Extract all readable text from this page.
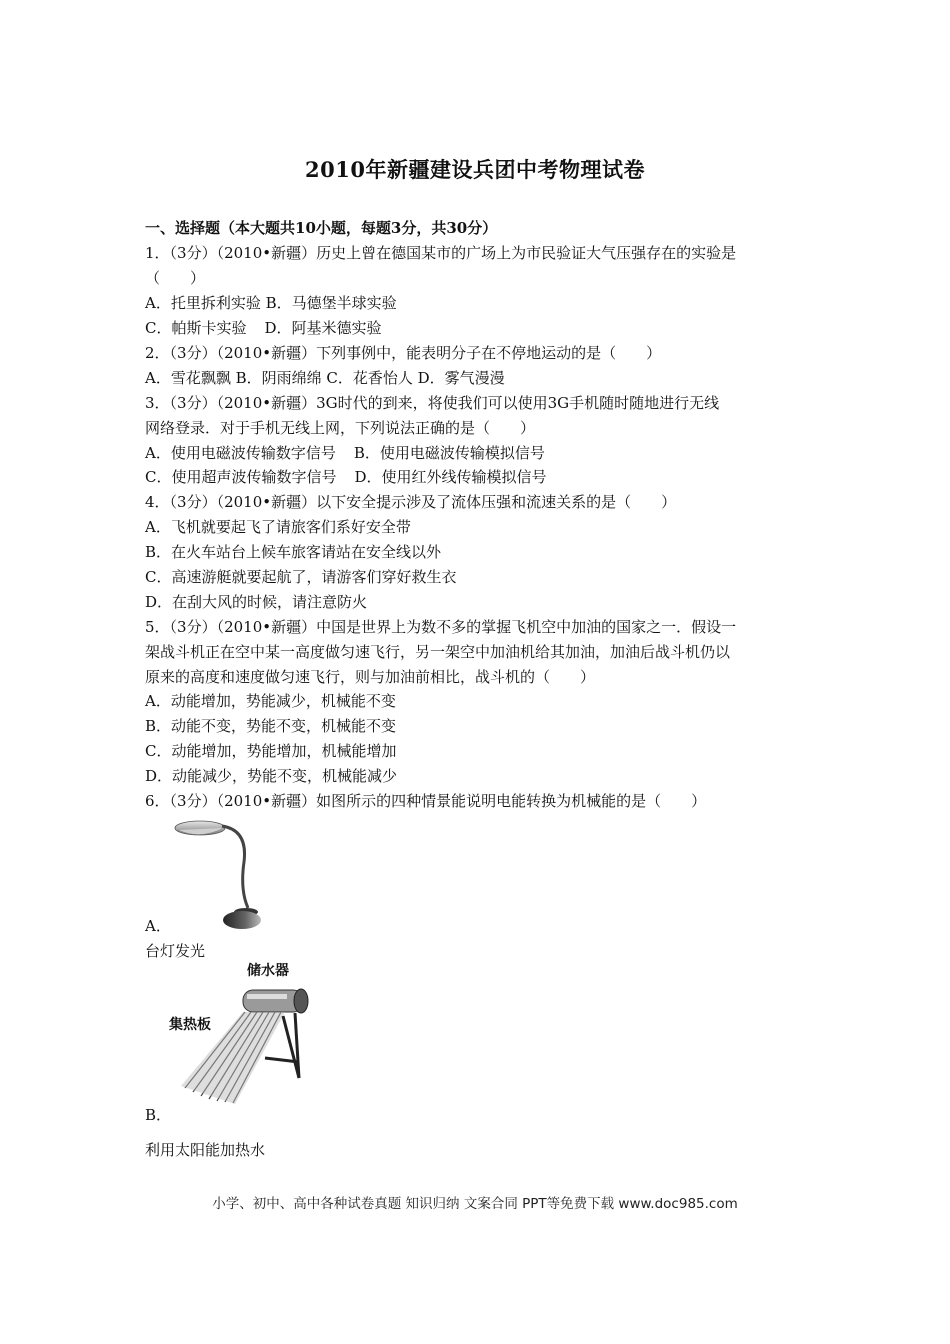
2010年新疆建设兵团中考物理试卷
一、选择题（本大题共10小题，每题3分，共30分）
1．（3分）（2010•新疆）历史上曾在德国某市的广场上为市民验证大气压强存在的实验是
（　　）
A．托里拆利实验 B．马德堡半球实验
C．帕斯卡实验 D．阿基米德实验
2．（3分）（2010•新疆）下列事例中，能表明分子在不停地运动的是（　　）
A．雪花飘飘 B．阴雨绵绵 C．花香怡人 D．雾气漫漫
3．（3分）（2010•新疆）3G时代的到来，将使我们可以使用3G手机随时随地进行无线
网络登录．对于手机无线上网，下列说法正确的是（　　）
A．使用电磁波传输数字信号 B．使用电磁波传输模拟信号
C．使用超声波传输数字信号 D．使用红外线传输模拟信号
4．（3分）（2010•新疆）以下安全提示涉及了流体压强和流速关系的是（　　）
A．飞机就要起飞了请旅客们系好安全带
B．在火车站台上候车旅客请站在安全线以外
C．高速游艇就要起航了，请游客们穿好救生衣
D．在刮大风的时候，请注意防火
5．（3分）（2010•新疆）中国是世界上为数不多的掌握飞机空中加油的国家之一．假设一
架战斗机正在空中某一高度做匀速飞行，另一架空中加油机给其加油，加油后战斗机仍以
原来的高度和速度做匀速飞行，则与加油前相比，战斗机的（　　）
A．动能增加，势能减少，机械能不变
B．动能不变，势能不变，机械能不变
C．动能增加，势能增加，机械能增加
D．动能减少，势能不变，机械能减少
6．（3分）（2010•新疆）如图所示的四种情景能说明电能转换为机械能的是（　　）
A．
台灯发光
储水器
集热板
B．
利用太阳能加热水
小学、初中、高中各种试卷真题 知识归纳 文案合同 PPT等免费下载 www.doc985.com
